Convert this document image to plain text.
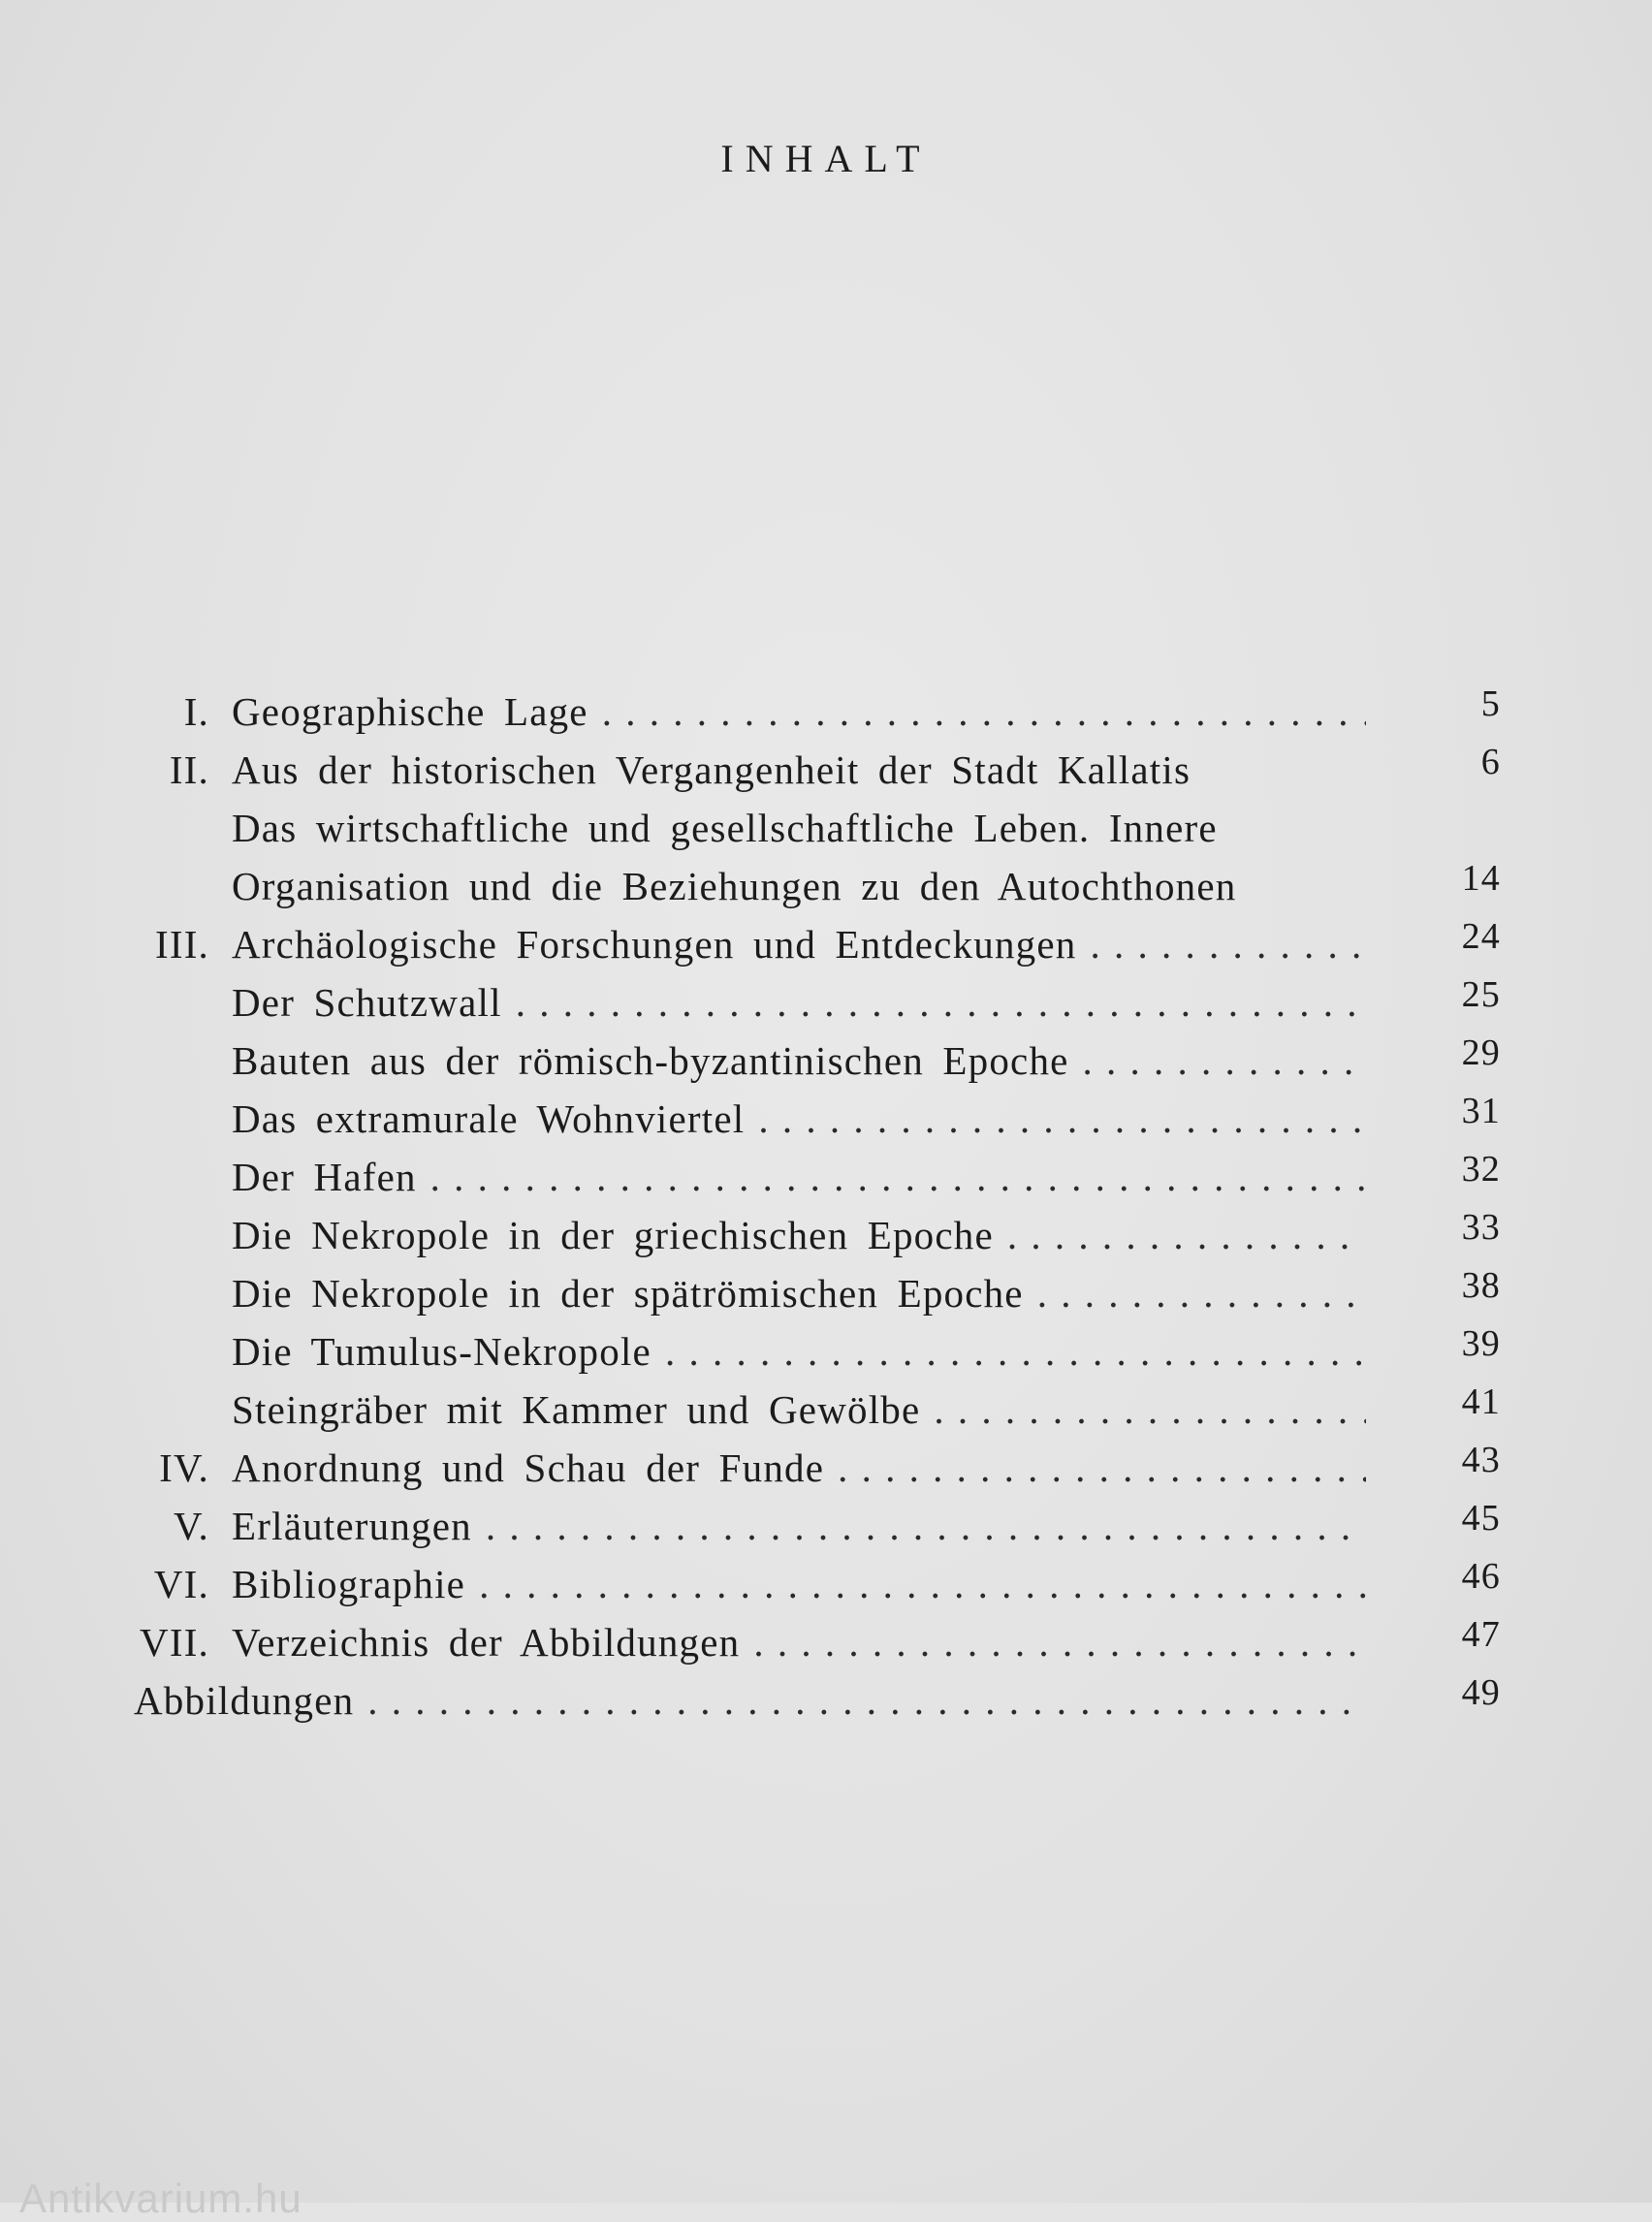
INHALT
I. Geographische Lage . . .	5
II. Aus der historischen Vergangenheit der Stadt Kallatis	6
Das wirtschaftliche und gesellschaftliche Leben. Innere
Organisation und die Beziehungen zu den Autochthonen	14
III. Archäologische Forschungen und Entdeckungen . . .	24
Der Schutzwall . . .	25
Bauten aus der römisch-byzantinischen Epoche . . .	29
Das extramurale Wohnviertel . . .	31
Der Hafen . . .	32
Die Nekropole in der griechischen Epoche . . .	33
Die Nekropole in der spätrömischen Epoche . . .	38
Die Tumulus-Nekropole . . .	39
Steingräber mit Kammer und Gewölbe . . .	41
IV. Anordnung und Schau der Funde . . .	43
V. Erläuterungen . . .	45
VI. Bibliographie . . .	46
VII. Verzeichnis der Abbildungen . . .	47
Abbildungen . . .	49
Antikvarium.hu
